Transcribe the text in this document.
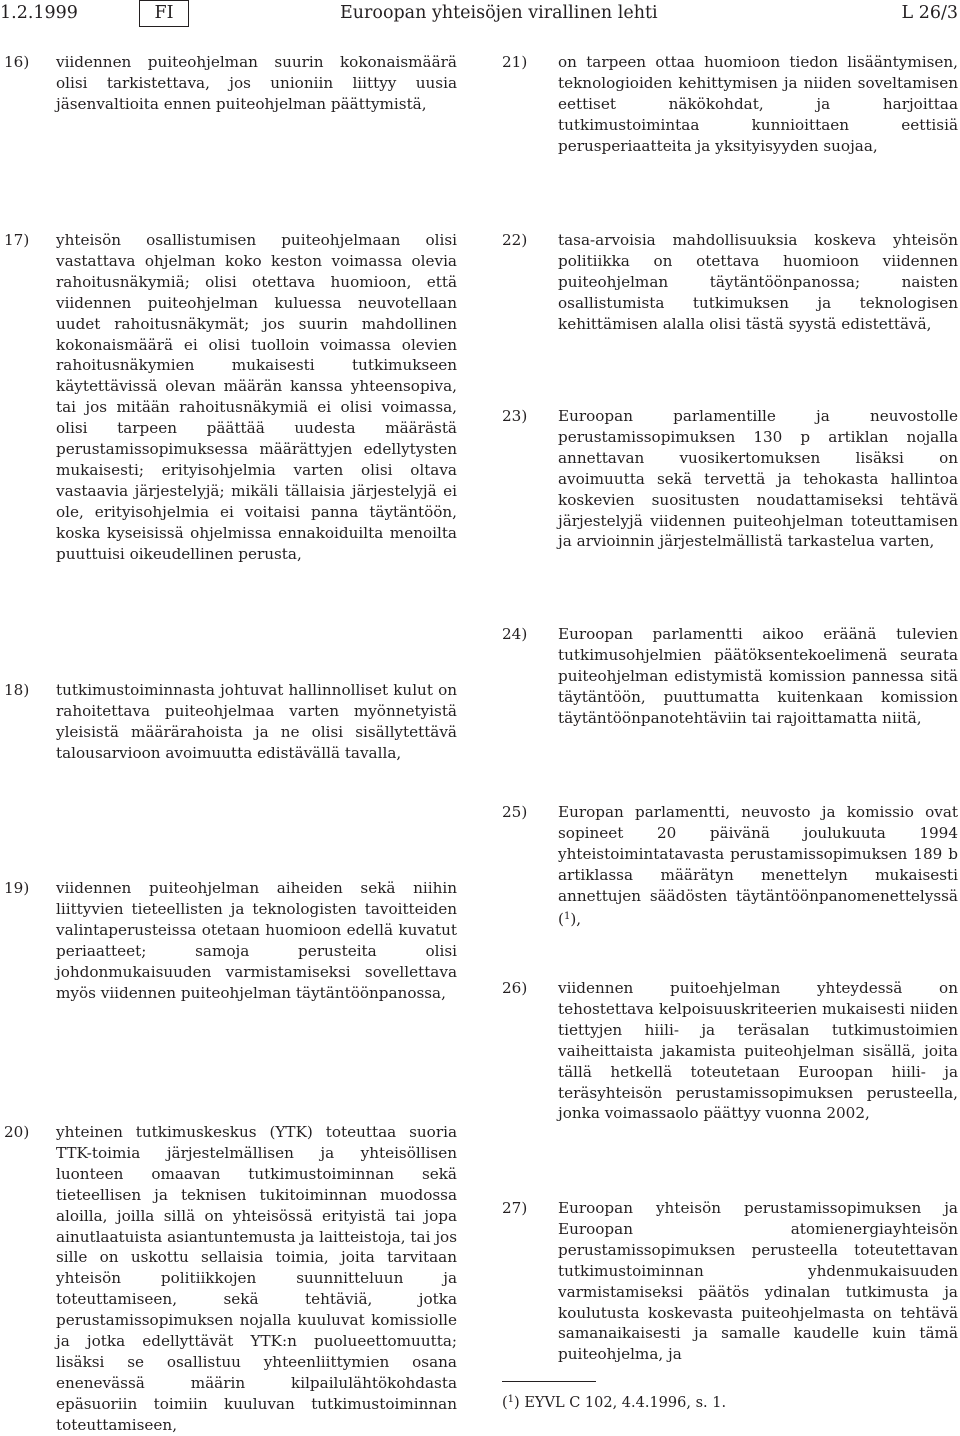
1.2.1999	FI	Euroopan yhteisöjen virallinen lehti	L 26/3
16) viidennen puiteohjelman suurin kokonaismäärä olisi tarkistettava, jos unioniin liittyy uusia jäsenvaltioita ennen puiteohjelman päättymistä,
17) yhteisön osallistumisen puiteohjelmaan olisi vastattava ohjelman koko keston voimassa olevia rahoitusnäkymiä; olisi otettava huomioon, että viidennen puiteohjelman kuluessa neuvotellaan uudet rahoitusnäkymät; jos suurin mahdollinen kokonaismäärä ei olisi tuolloin voimassa olevien rahoitusnäkymien mukaisesti tutkimukseen käytettävissä olevan määrän kanssa yhteensopiva, tai jos mitään rahoitusnäkymiä ei olisi voimassa, olisi tarpeen päättää uudesta määrästä perustamissopimuksessa määrättyjen edellytysten mukaisesti; erityisohjelmia varten olisi oltava vastaavia järjestelyjä; mikäli tällaisia järjestelyjä ei ole, erityisohjelmia ei voitaisi panna täytäntöön, koska kyseisissä ohjelmissa ennakoiduilta menoilta puuttuisi oikeudellinen perusta,
18) tutkimustoiminnasta johtuvat hallinnolliset kulut on rahoitettava puiteohjelmaa varten myönnetyistä yleisistä määrärahoista ja ne olisi sisällytettävä talousarvioon avoimuutta edistävällä tavalla,
19) viidennen puiteohjelman aiheiden sekä niihin liittyvien tieteellisten ja teknologisten tavoitteiden valintaperusteissa otetaan huomioon edellä kuvatut periaatteet; samoja perusteita olisi johdonmukaisuuden varmistamiseksi sovellettava myös viidennen puiteohjelman täytäntöönpanossa,
20) yhteinen tutkimuskeskus (YTK) toteuttaa suoria TTK-toimia järjestelmällisen ja yhteisöllisen luonteen omaavan tutkimustoiminnan sekä tieteellisen ja teknisen tukitoiminnan muodossa aloilla, joilla sillä on yhteisössä erityistä tai jopa ainutlaatuista asiantuntemusta ja laitteistoja, tai jos sille on uskottu sellaisia toimia, joita tarvitaan yhteisön politiikkojen suunnitteluun ja toteuttamiseen, sekä tehtäviä, jotka perustamissopimuksen nojalla kuuluvat komissiolle ja jotka edellyttävät YTK:n puolueettomuutta; lisäksi se osallistuu yhteenliittymien osana enenevässä määrin kilpailulähtökohdasta epäsuoriin toimiin kuuluvan tutkimustoiminnan toteuttamiseen,
21) on tarpeen ottaa huomioon tiedon lisääntymisen, teknologioiden kehittymisen ja niiden soveltamisen eettiset näkökohdat, ja harjoittaa tutkimustoimintaa kunnioittaen eettisiä perusperiaatteita ja yksityisyyden suojaa,
22) tasa-arvoisia mahdollisuuksia koskeva yhteisön politiikka on otettava huomioon viidennen puiteohjelman täytäntöönpanossa; naisten osallistumista tutkimuksen ja teknologisen kehittämisen alalla olisi tästä syystä edistettävä,
23) Euroopan parlamentille ja neuvostolle perustamissopimuksen 130 p artiklan nojalla annettavan vuosikertomuksen lisäksi on avoimuutta sekä tervettä ja tehokasta hallintoa koskevien suositusten noudattamiseksi tehtävä järjestelyjä viidennen puiteohjelman toteuttamisen ja arvioinnin järjestelmällistä tarkastelua varten,
24) Euroopan parlamentti aikoo eräänä tulevien tutkimusohjelmien päätöksentekoelimenä seurata puiteohjelman edistymistä komission pannessa sitä täytäntöön, puuttumatta kuitenkaan komission täytäntöönpanotehtäviin tai rajoittamatta niitä,
25) Europan parlamentti, neuvosto ja komissio ovat sopineet 20 päivänä joulukuuta 1994 yhteistoimintatavasta perustamissopimuksen 189 b artiklassa määrätyn menettelyn mukaisesti annettujen säädösten täytäntöönpanomenettelyssä ($^1$),
26) viidennen puitoehjelman yhteydessä on tehostettava kelpoisuuskriteerien mukaisesti niiden tiettyjen hiili- ja teräsalan tutkimustoimien vaiheittaista jakamista puiteohjelman sisällä, joita tällä hetkellä toteutetaan Euroopan hiili- ja teräsyhteisön perustamissopimuksen perusteella, jonka voimassaolo päättyy vuonna 2002,
27) Euroopan yhteisön perustamissopimuksen ja Euroopan atomienergiayhteisön perustamissopimuksen perusteella toteutettavan tutkimustoiminnan yhdenmukaisuuden varmistamiseksi päätös ydinalan tutkimusta ja koulutusta koskevasta puiteohjelmasta on tehtävä samanaikaisesti ja samalle kaudelle kuin tämä puiteohjelma, ja
($^1$) EYVL C 102, 4.4.1996, s. 1.
